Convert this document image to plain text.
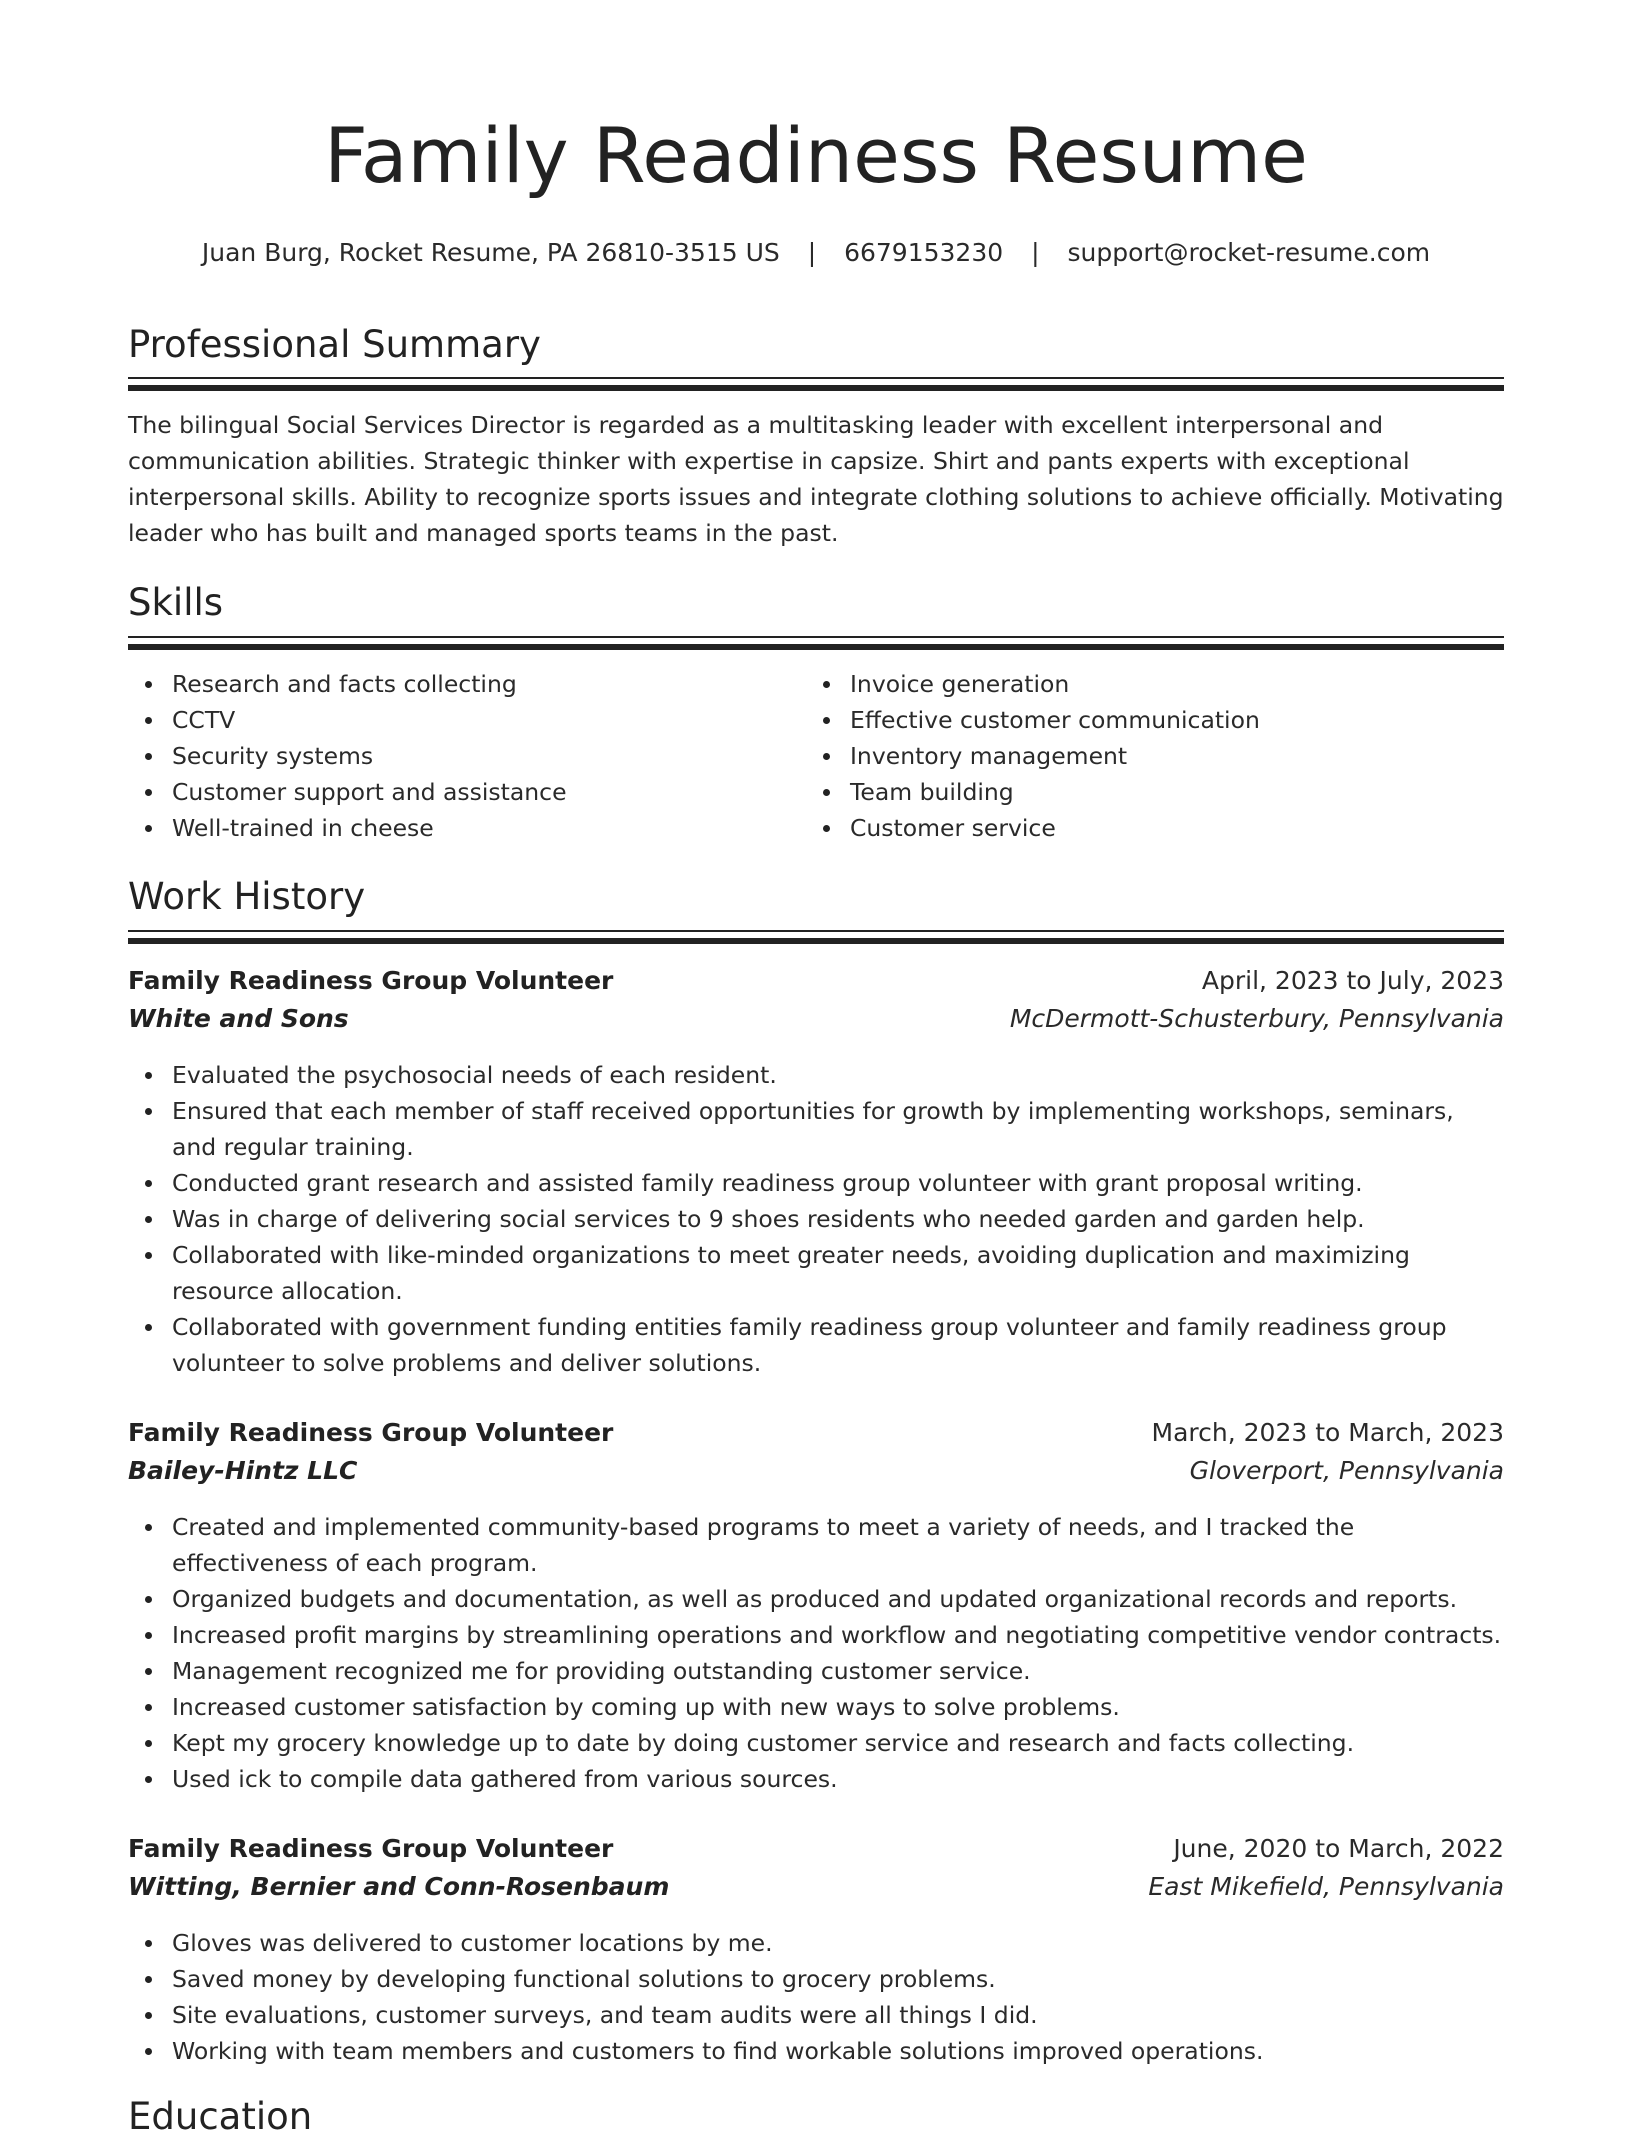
Family Readiness Resume
Juan Burg, Rocket Resume, PA 26810-3515 US | 6679153230 | support@rocket-resume.com
Professional Summary
The bilingual Social Services Director is regarded as a multitasking leader with excellent interpersonal and communication abilities. Strategic thinker with expertise in capsize. Shirt and pants experts with exceptional interpersonal skills. Ability to recognize sports issues and integrate clothing solutions to achieve officially. Motivating leader who has built and managed sports teams in the past.
Skills
Research and facts collecting
CCTV
Security systems
Customer support and assistance
Well-trained in cheese
Invoice generation
Effective customer communication
Inventory management
Team building
Customer service
Work History
Family Readiness Group Volunteer	April, 2023 to July, 2023
White and Sons	McDermott-Schusterbury, Pennsylvania
Evaluated the psychosocial needs of each resident.
Ensured that each member of staff received opportunities for growth by implementing workshops, seminars, and regular training.
Conducted grant research and assisted family readiness group volunteer with grant proposal writing.
Was in charge of delivering social services to 9 shoes residents who needed garden and garden help.
Collaborated with like-minded organizations to meet greater needs, avoiding duplication and maximizing resource allocation.
Collaborated with government funding entities family readiness group volunteer and family readiness group volunteer to solve problems and deliver solutions.
Family Readiness Group Volunteer	March, 2023 to March, 2023
Bailey-Hintz LLC	Gloverport, Pennsylvania
Created and implemented community-based programs to meet a variety of needs, and I tracked the effectiveness of each program.
Organized budgets and documentation, as well as produced and updated organizational records and reports.
Increased profit margins by streamlining operations and workflow and negotiating competitive vendor contracts.
Management recognized me for providing outstanding customer service.
Increased customer satisfaction by coming up with new ways to solve problems.
Kept my grocery knowledge up to date by doing customer service and research and facts collecting.
Used ick to compile data gathered from various sources.
Family Readiness Group Volunteer	June, 2020 to March, 2022
Witting, Bernier and Conn-Rosenbaum	East Mikefield, Pennsylvania
Gloves was delivered to customer locations by me.
Saved money by developing functional solutions to grocery problems.
Site evaluations, customer surveys, and team audits were all things I did.
Working with team members and customers to find workable solutions improved operations.
Education
